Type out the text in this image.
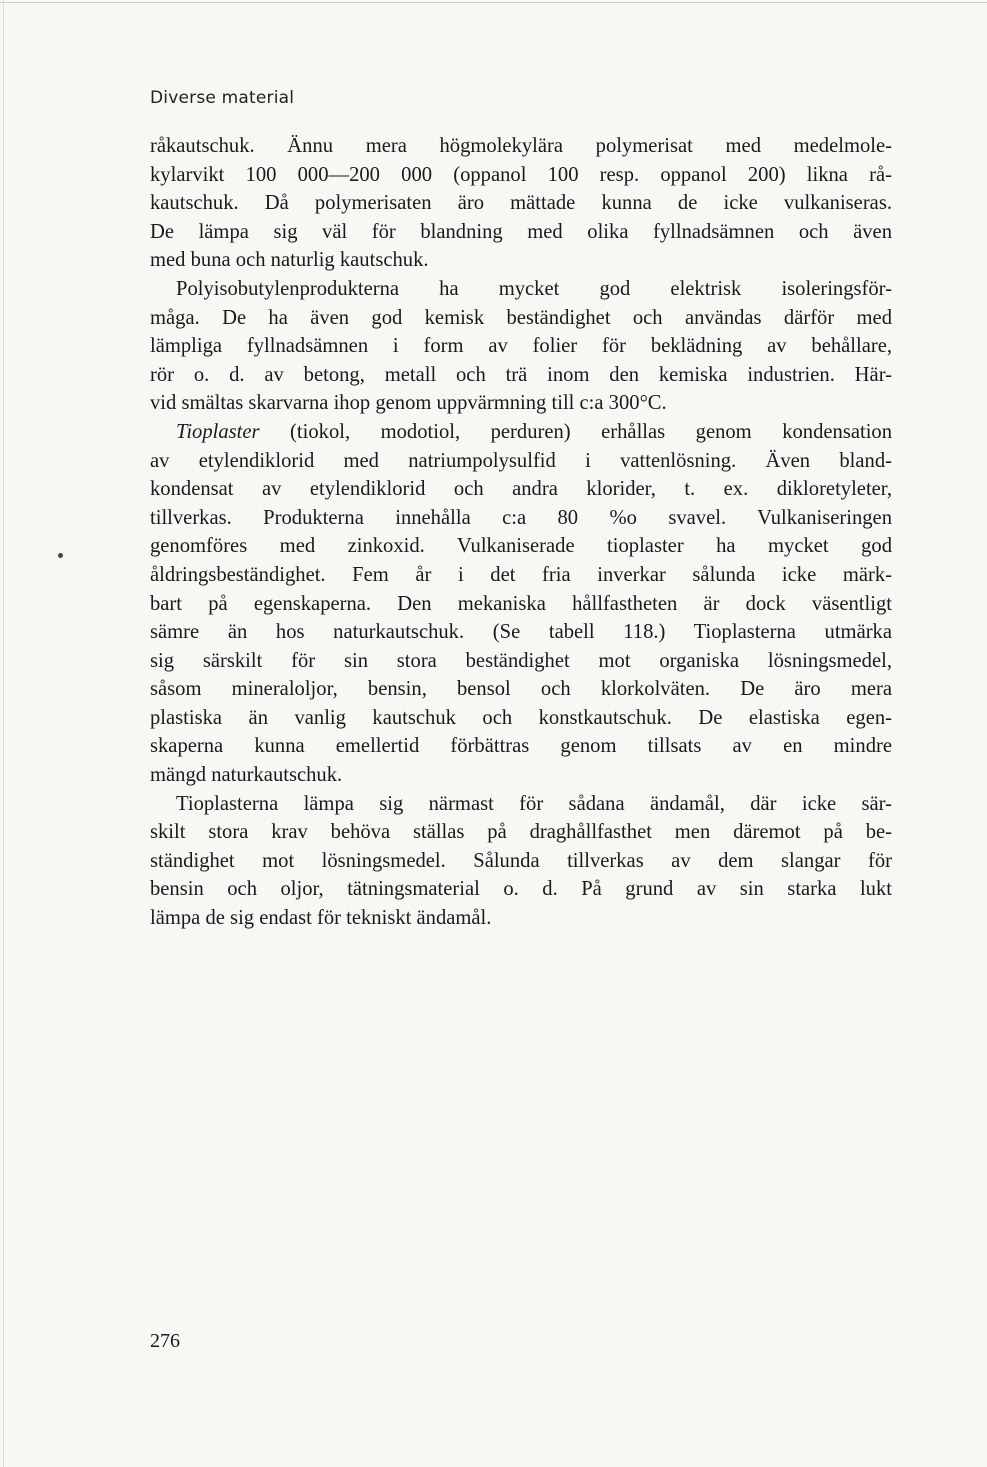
Diverse material
råkautschuk. Ännu mera högmolekylära polymerisat med medelmole-
kylarvikt 100 000—200 000 (oppanol 100 resp. oppanol 200) likna rå-
kautschuk. Då polymerisaten äro mättade kunna de icke vulkaniseras.
De lämpa sig väl för blandning med olika fyllnadsämnen och även
med buna och naturlig kautschuk.
Polyisobutylenprodukterna ha mycket god elektrisk isoleringsför-
måga. De ha även god kemisk beständighet och användas därför med
lämpliga fyllnadsämnen i form av folier för beklädning av behållare,
rör o. d. av betong, metall och trä inom den kemiska industrien. Här-
vid smältas skarvarna ihop genom uppvärmning till c:a 300°C.
Tioplaster (tiokol, modotiol, perduren) erhållas genom kondensation
av etylendiklorid med natriumpolysulfid i vattenlösning. Även bland-
kondensat av etylendiklorid och andra klorider, t. ex. dikloretyleter,
tillverkas. Produkterna innehålla c:a 80 %o svavel. Vulkaniseringen
genomföres med zinkoxid. Vulkaniserade tioplaster ha mycket god
åldringsbeständighet. Fem år i det fria inverkar sålunda icke märk-
bart på egenskaperna. Den mekaniska hållfastheten är dock väsentligt
sämre än hos naturkautschuk. (Se tabell 118.) Tioplasterna utmärka
sig särskilt för sin stora beständighet mot organiska lösningsmedel,
såsom mineraloljor, bensin, bensol och klorkolväten. De äro mera
plastiska än vanlig kautschuk och konstkautschuk. De elastiska egen-
skaperna kunna emellertid förbättras genom tillsats av en mindre
mängd naturkautschuk.
Tioplasterna lämpa sig närmast för sådana ändamål, där icke sär-
skilt stora krav behöva ställas på draghållfasthet men däremot på be-
ständighet mot lösningsmedel. Sålunda tillverkas av dem slangar för
bensin och oljor, tätningsmaterial o. d. På grund av sin starka lukt
lämpa de sig endast för tekniskt ändamål.
276
